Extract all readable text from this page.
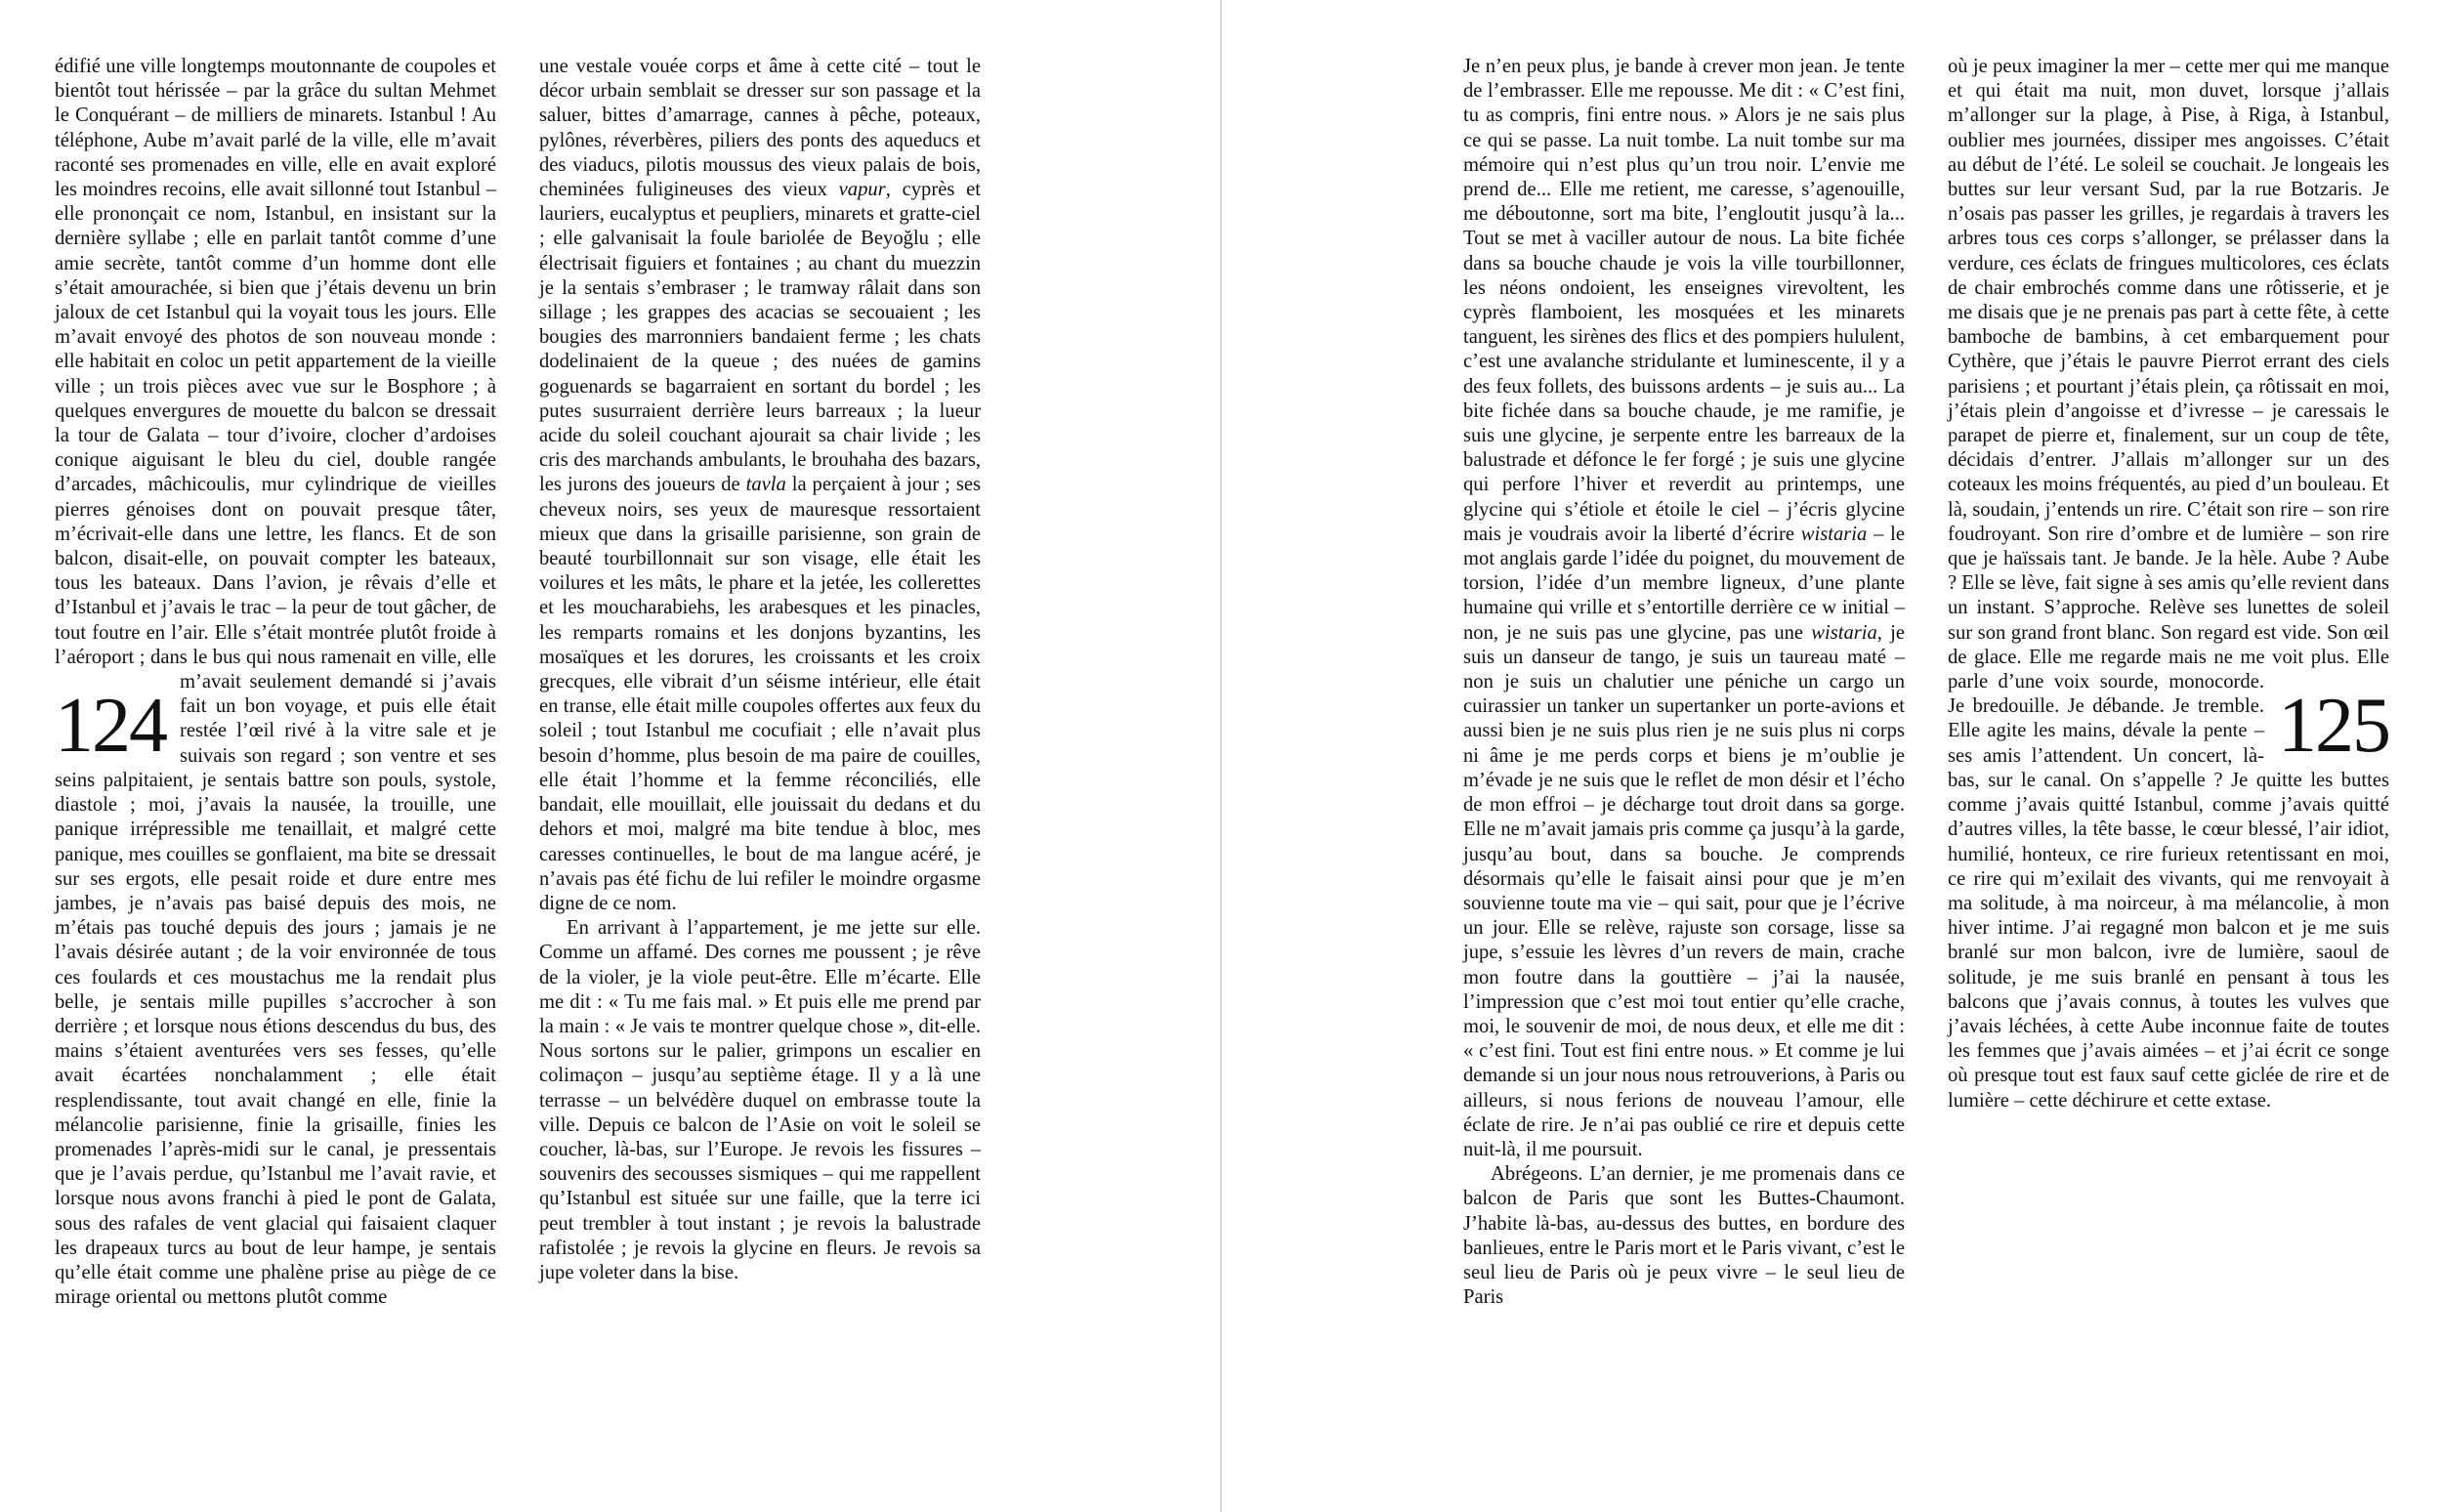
124

édifié une ville longtemps moutonnante de coupoles et bientôt tout hérissée – par la grâce du sultan Mehmet le Conquérant – de milliers de minarets. Istanbul ! Au téléphone, Aube m’avait parlé de la ville, elle m’avait raconté ses promenades en ville, elle en avait exploré les moindres recoins, elle avait sillonné tout Istanbul – elle prononçait ce nom, Istanbul, en insistant sur la dernière syllabe ; elle en parlait tantôt comme d’une amie secrète, tantôt comme d’un homme dont elle s’était amourachée, si bien que j’étais devenu un brin jaloux de cet Istanbul qui la voyait tous les jours. Elle m’avait envoyé des photos de son nouveau monde : elle habitait en coloc un petit appartement de la vieille ville ; un trois pièces avec vue sur le Bosphore ; à quelques envergures de mouette du balcon se dressait la tour de Galata – tour d’ivoire, clocher d’ardoises conique aiguisant le bleu du ciel, double rangée d’arcades, mâchicoulis, mur cylindrique de vieilles pierres génoises dont on pouvait presque tâter, m’écrivait-elle dans une lettre, les flancs. Et de son balcon, disait-elle, on pouvait compter les bateaux, tous les bateaux. Dans l’avion, je rêvais d’elle et d’Istanbul et j’avais le trac – la peur de tout gâcher, de tout foutre en l’air. Elle s’était montrée plutôt froide à l’aéroport ; dans le bus qui nous ramenait en ville, elle m’avait seulement demandé si j’avais fait un bon voyage, et puis elle était restée l’œil rivé à la vitre sale et je suivais son regard ; son ventre et ses seins palpitaient, je sentais battre son pouls, systole, diastole ; moi, j’avais la nausée, la trouille, une panique irrépressible me tenaillait, et malgré cette panique, mes couilles se gonflaient, ma bite se dressait sur ses ergots, elle pesait roide et dure entre mes jambes, je n’avais pas baisé depuis des mois, ne m’étais pas touché depuis des jours ; jamais je ne l’avais désirée autant ; de la voir environnée de tous ces foulards et ces moustachus me la rendait plus belle, je sentais mille pupilles s’accrocher à son derrière ; et lorsque nous étions descendus du bus, des mains s’étaient aventurées vers ses fesses, qu’elle avait écartées nonchalamment ; elle était resplendissante, tout avait changé en elle, finie la mélancolie parisienne, finie la grisaille, finies les promenades l’après-midi sur le canal, je pressentais que je l’avais perdue, qu’Istanbul me l’avait ravie, et lorsque nous avons franchi à pied le pont de Galata, sous des rafales de vent glacial qui faisaient claquer les drapeaux turcs au bout de leur hampe, je sentais qu’elle était comme une phalène prise au piège de ce mirage oriental ou mettons plutôt comme

une vestale vouée corps et âme à cette cité – tout le décor urbain semblait se dresser sur son passage et la saluer, bittes d’amarrage, cannes à pêche, poteaux, pylônes, réverbères, piliers des ponts des aqueducs et des viaducs, pilotis moussus des vieux palais de bois, cheminées fuligineuses des vieux vapur, cyprès et lauriers, eucalyptus et peupliers, minarets et gratte-ciel ; elle galvanisait la foule bariolée de Beyoğlu ; elle électrisait figuiers et fontaines ; au chant du muezzin je la sentais s’embraser ; le tramway râlait dans son sillage ; les grappes des acacias se secouaient ; les bougies des marronniers bandaient ferme ; les chats dodelinaient de la queue ; des nuées de gamins goguenards se bagarraient en sortant du bordel ; les putes susurraient derrière leurs barreaux ; la lueur acide du soleil couchant ajourait sa chair livide ; les cris des marchands ambulants, le brouhaha des bazars, les jurons des joueurs de tavla la perçaient à jour ; ses cheveux noirs, ses yeux de mauresque ressortaient mieux que dans la grisaille parisienne, son grain de beauté tourbillonnait sur son visage, elle était les voilures et les mâts, le phare et la jetée, les collerettes et les moucharabiehs, les arabesques et les pinacles, les remparts romains et les donjons byzantins, les mosaïques et les dorures, les croissants et les croix grecques, elle vibrait d’un séisme intérieur, elle était en transe, elle était mille coupoles offertes aux feux du soleil ; tout Istanbul me cocufiait ; elle n’avait plus besoin d’homme, plus besoin de ma paire de couilles, elle était l’homme et la femme réconciliés, elle bandait, elle mouillait, elle jouissait du dedans et du dehors et moi, malgré ma bite tendue à bloc, mes caresses continuelles, le bout de ma langue acéré, je n’avais pas été fichu de lui refiler le moindre orgasme digne de ce nom.

En arrivant à l’appartement, je me jette sur elle. Comme un affamé. Des cornes me poussent ; je rêve de la violer, je la viole peut-être. Elle m’écarte. Elle me dit : « Tu me fais mal. » Et puis elle me prend par la main : « Je vais te montrer quelque chose », dit-elle. Nous sortons sur le palier, grimpons un escalier en colimaçon – jusqu’au septième étage. Il y a là une terrasse – un belvédère duquel on embrasse toute la ville. Depuis ce balcon de l’Asie on voit le soleil se coucher, là-bas, sur l’Europe. Je revois les fissures – souvenirs des secousses sismiques – qui me rappellent qu’Istanbul est située sur une faille, que la terre ici peut trembler à tout instant ; je revois la balustrade rafistolée ; je revois la glycine en fleurs. Je revois sa jupe voleter dans la bise.

Je n’en peux plus, je bande à crever mon jean. Je tente de l’embrasser. Elle me repousse. Me dit : « C’est fini, tu as compris, fini entre nous. » Alors je ne sais plus ce qui se passe. La nuit tombe. La nuit tombe sur ma mémoire qui n’est plus qu’un trou noir. L’envie me prend de... Elle me retient, me caresse, s’agenouille, me déboutonne, sort ma bite, l’engloutit jusqu’à la... Tout se met à vaciller autour de nous. La bite fichée dans sa bouche chaude je vois la ville tourbillonner, les néons ondoient, les enseignes virevoltent, les cyprès flamboient, les mosquées et les minarets tanguent, les sirènes des flics et des pompiers hululent, c’est une avalanche stridulante et luminescente, il y a des feux follets, des buissons ardents – je suis au... La bite fichée dans sa bouche chaude, je me ramifie, je suis une glycine, je serpente entre les barreaux de la balustrade et défonce le fer forgé ; je suis une glycine qui perfore l’hiver et reverdit au printemps, une glycine qui s’étiole et étoile le ciel – j’écris glycine mais je voudrais avoir la liberté d’écrire wistaria – le mot anglais garde l’idée du poignet, du mouvement de torsion, l’idée d’un membre ligneux, d’une plante humaine qui vrille et s’entortille derrière ce w initial – non, je ne suis pas une glycine, pas une wistaria, je suis un danseur de tango, je suis un taureau maté – non je suis un chalutier une péniche un cargo un cuirassier un tanker un supertanker un porte-avions et aussi bien je ne suis plus rien je ne suis plus ni corps ni âme je me perds corps et biens je m’oublie je m’évade je ne suis que le reflet de mon désir et l’écho de mon effroi – je décharge tout droit dans sa gorge. Elle ne m’avait jamais pris comme ça jusqu’à la garde, jusqu’au bout, dans sa bouche. Je comprends désormais qu’elle le faisait ainsi pour que je m’en souvienne toute ma vie – qui sait, pour que je l’écrive un jour. Elle se relève, rajuste son corsage, lisse sa jupe, s’essuie les lèvres d’un revers de main, crache mon foutre dans la gouttière – j’ai la nausée, l’impression que c’est moi tout entier qu’elle crache, moi, le souvenir de moi, de nous deux, et elle me dit : « c’est fini. Tout est fini entre nous. » Et comme je lui demande si un jour nous nous retrouverions, à Paris ou ailleurs, si nous ferions de nouveau l’amour, elle éclate de rire. Je n’ai pas oublié ce rire et depuis cette nuit-là, il me poursuit.

Abrégeons. L’an dernier, je me promenais dans ce balcon de Paris que sont les Buttes-Chaumont. J’habite là-bas, au-dessus des buttes, en bordure des banlieues, entre le Paris mort et le Paris vivant, c’est le seul lieu de Paris où je peux vivre – le seul lieu de Paris

125

où je peux imaginer la mer – cette mer qui me manque et qui était ma nuit, mon duvet, lorsque j’allais m’allonger sur la plage, à Pise, à Riga, à Istanbul, oublier mes journées, dissiper mes angoisses. C’était au début de l’été. Le soleil se couchait. Je longeais les buttes sur leur versant Sud, par la rue Botzaris. Je n’osais pas passer les grilles, je regardais à travers les arbres tous ces corps s’allonger, se prélasser dans la verdure, ces éclats de fringues multicolores, ces éclats de chair embrochés comme dans une rôtisserie, et je me disais que je ne prenais pas part à cette fête, à cette bamboche de bambins, à cet embarquement pour Cythère, que j’étais le pauvre Pierrot errant des ciels parisiens ; et pourtant j’étais plein, ça rôtissait en moi, j’étais plein d’angoisse et d’ivresse – je caressais le parapet de pierre et, finalement, sur un coup de tête, décidais d’entrer. J’allais m’allonger sur un des coteaux les moins fréquentés, au pied d’un bouleau. Et là, soudain, j’entends un rire. C’était son rire – son rire foudroyant. Son rire d’ombre et de lumière – son rire que je haïssais tant. Je bande. Je la hèle. Aube ? Aube ? Elle se lève, fait signe à ses amis qu’elle revient dans un instant. S’approche. Relève ses lunettes de soleil sur son grand front blanc. Son regard est vide. Son œil de glace. Elle me regarde mais ne me voit plus. Elle parle d’une voix sourde, monocorde. Je bredouille. Je débande. Je tremble. Elle agite les mains, dévale la pente – ses amis l’attendent. Un concert, là-bas, sur le canal. On s’appelle ? Je quitte les buttes comme j’avais quitté Istanbul, comme j’avais quitté d’autres villes, la tête basse, le cœur blessé, l’air idiot, humilié, honteux, ce rire furieux retentissant en moi, ce rire qui m’exilait des vivants, qui me renvoyait à ma solitude, à ma noirceur, à ma mélancolie, à mon hiver intime. J’ai regagné mon balcon et je me suis branlé sur mon balcon, ivre de lumière, saoul de solitude, je me suis branlé en pensant à tous les balcons que j’avais connus, à toutes les vulves que j’avais léchées, à cette Aube inconnue faite de toutes les femmes que j’avais aimées – et j’ai écrit ce songe où presque tout est faux sauf cette giclée de rire et de lumière – cette déchirure et cette extase.
